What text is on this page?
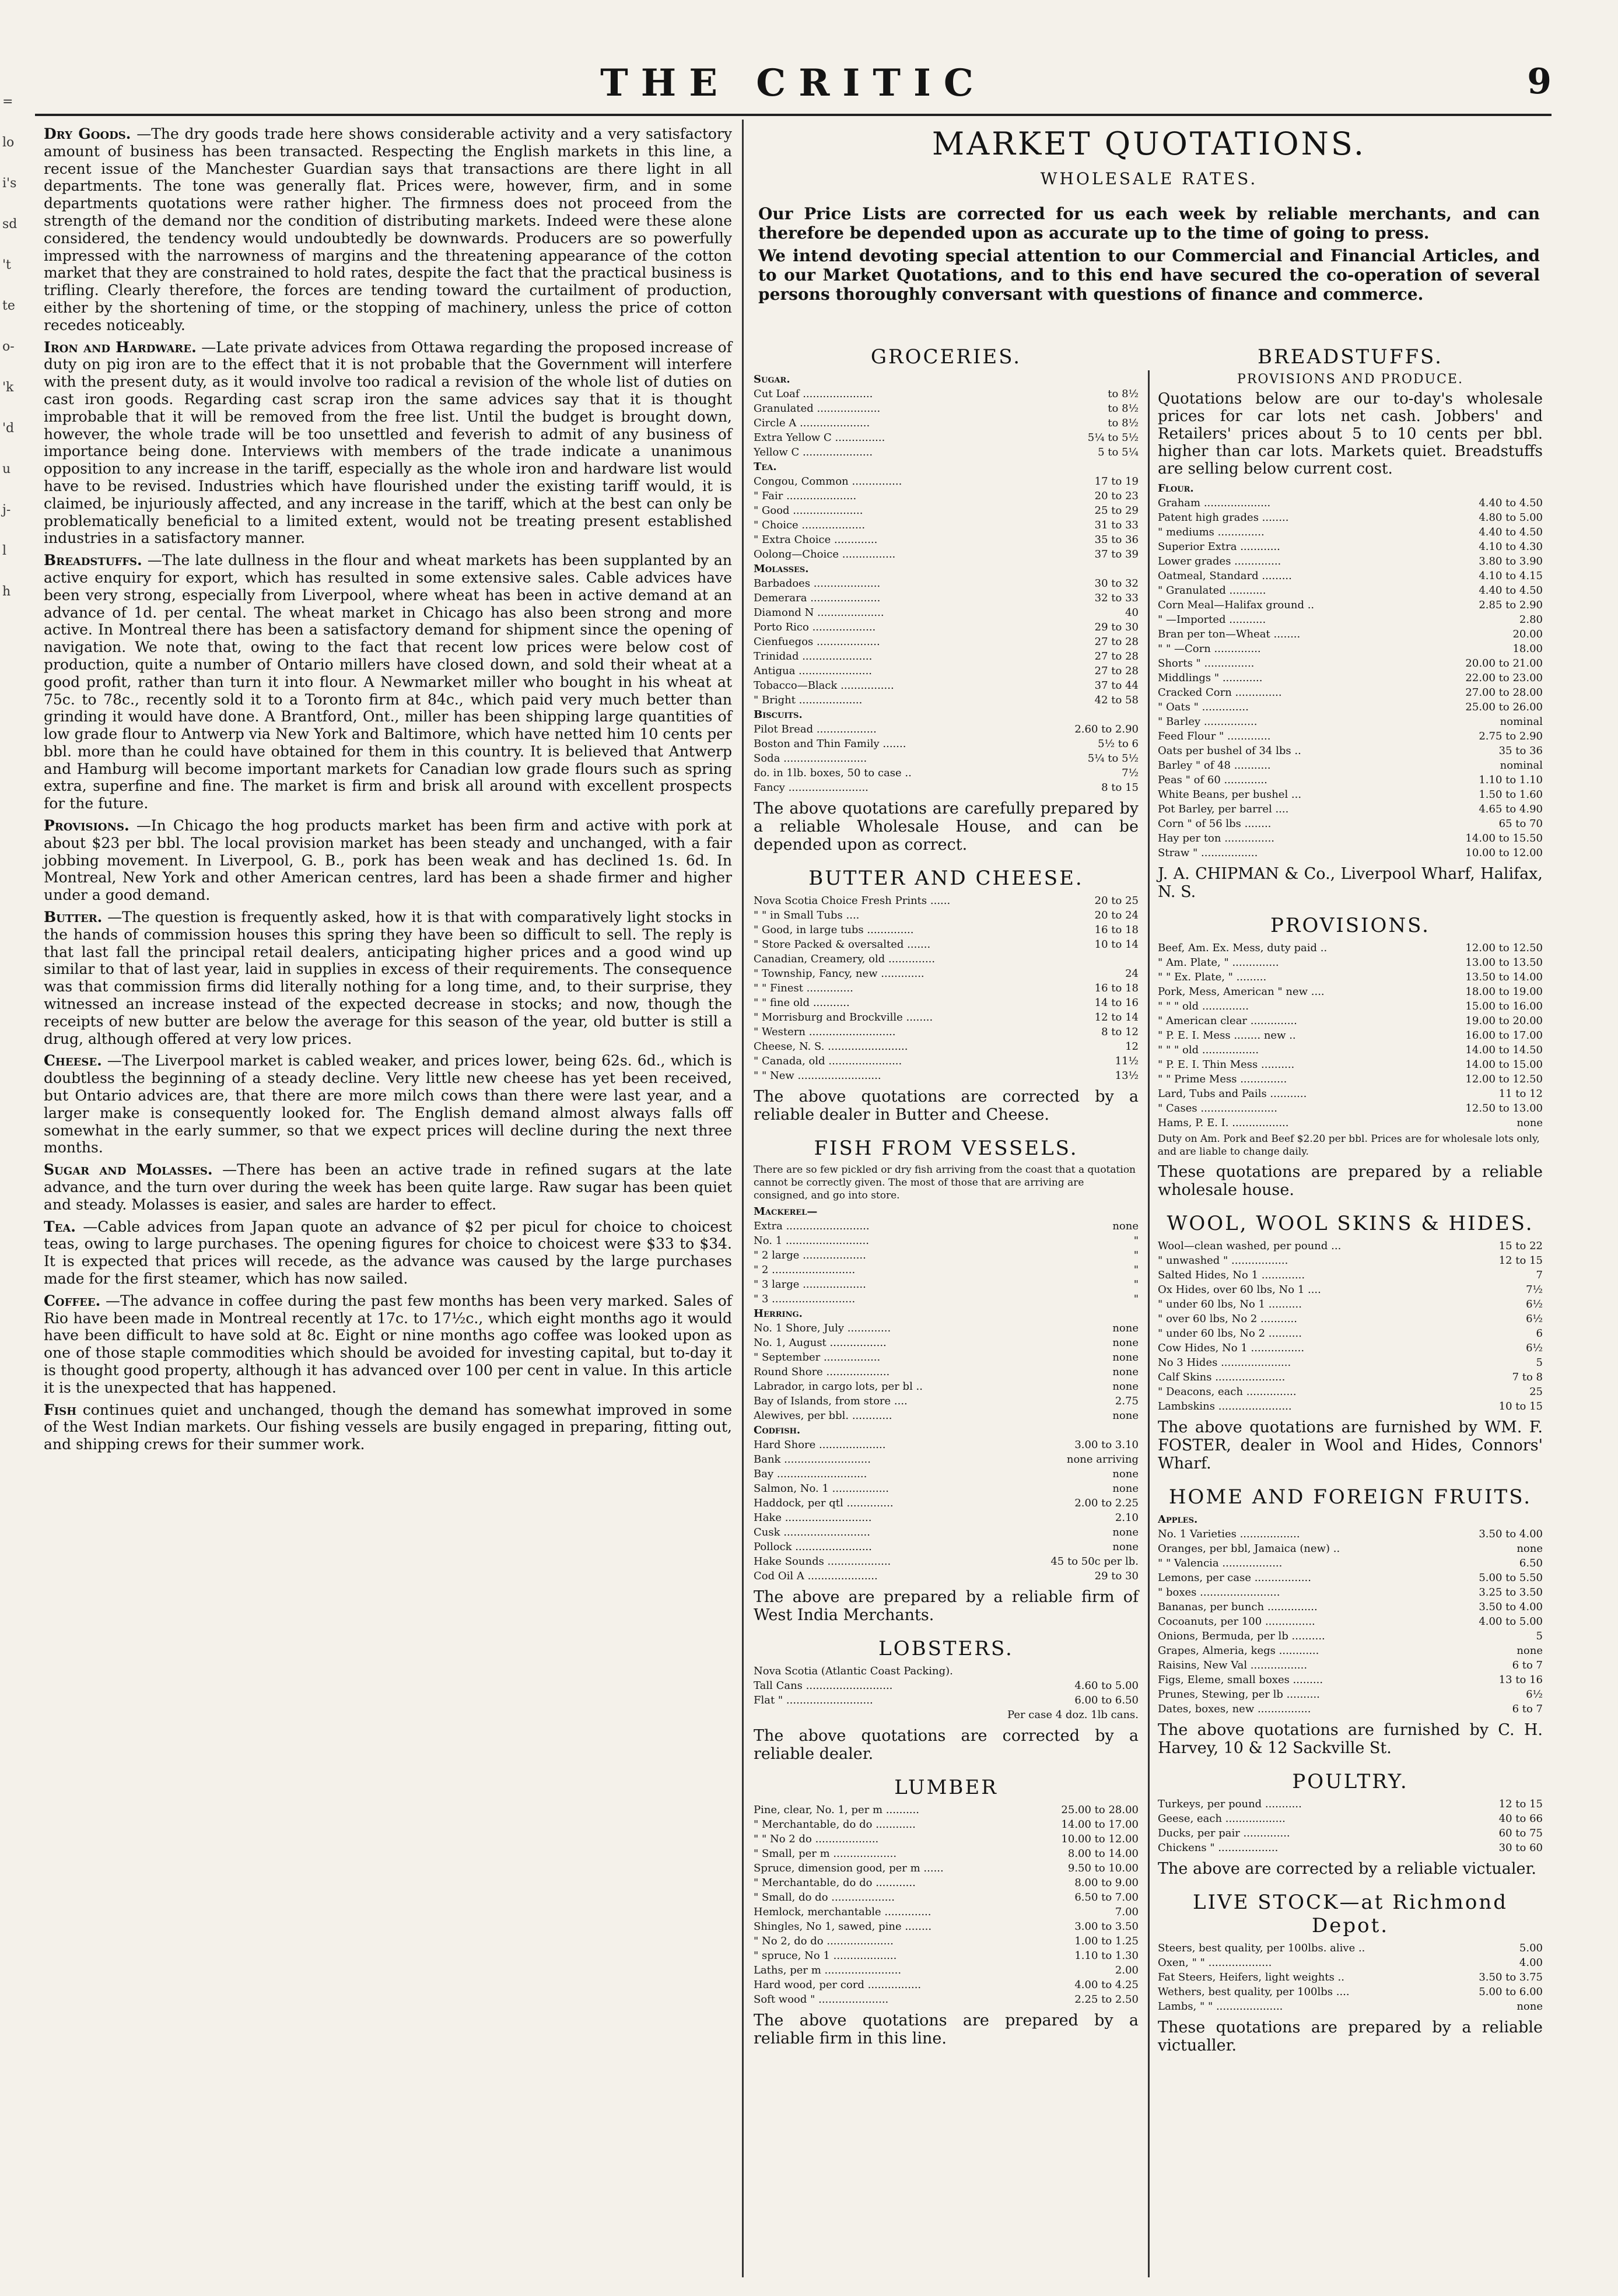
=
lo
i's
sd
't
te
o-
'k
'd
u
j-
l
h
THE CRITIC	9

Dry Goods. —The dry goods trade here shows considerable activity and a very satisfactory amount of business has been transacted. Respecting the English markets in this line, a recent issue of the Manchester Guardian says that transactions are there light in all departments. The tone was generally flat. Prices were, however, firm, and in some departments quotations were rather higher. The firmness does not proceed from the strength of the demand nor the condition of distributing markets. Indeed were these alone considered, the tendency would undoubtedly be downwards. Producers are so powerfully impressed with the narrowness of margins and the threatening appearance of the cotton market that they are constrained to hold rates, despite the fact that the practical business is trifling. Clearly therefore, the forces are tending toward the curtailment of production, either by the shortening of time, or the stopping of machinery, unless the price of cotton recedes noticeably.

Iron and Hardware. —Late private advices from Ottawa regarding the proposed increase of duty on pig iron are to the effect that it is not probable that the Government will interfere with the present duty, as it would involve too radical a revision of the whole list of duties on cast iron goods. Regarding cast scrap iron the same advices say that it is thought improbable that it will be removed from the free list. Until the budget is brought down, however, the whole trade will be too unsettled and feverish to admit of any business of importance being done. Interviews with members of the trade indicate a unanimous opposition to any increase in the tariff, especially as the whole iron and hardware list would have to be revised. Industries which have flourished under the existing tariff would, it is claimed, be injuriously affected, and any increase in the tariff, which at the best can only be problematically beneficial to a limited extent, would not be treating present established industries in a satisfactory manner.

Breadstuffs. —The late dullness in the flour and wheat markets has been supplanted by an active enquiry for export, which has resulted in some extensive sales. Cable advices have been very strong, especially from Liverpool, where wheat has been in active demand at an advance of 1d. per cental. The wheat market in Chicago has also been strong and more active. In Montreal there has been a satisfactory demand for shipment since the opening of navigation. We note that, owing to the fact that recent low prices were below cost of production, quite a number of Ontario millers have closed down, and sold their wheat at a good profit, rather than turn it into flour. A Newmarket miller who bought in his wheat at 75c. to 78c., recently sold it to a Toronto firm at 84c., which paid very much better than grinding it would have done. A Brantford, Ont., miller has been shipping large quantities of low grade flour to Antwerp via New York and Baltimore, which have netted him 10 cents per bbl. more than he could have obtained for them in this country. It is believed that Antwerp and Hamburg will become important markets for Canadian low grade flours such as spring extra, superfine and fine. The market is firm and brisk all around with excellent prospects for the future.

Provisions. —In Chicago the hog products market has been firm and active with pork at about $23 per bbl. The local provision market has been steady and unchanged, with a fair jobbing movement. In Liverpool, G. B., pork has been weak and has declined 1s. 6d. In Montreal, New York and other American centres, lard has been a shade firmer and higher under a good demand.

Butter. —The question is frequently asked, how it is that with comparatively light stocks in the hands of commission houses this spring they have been so difficult to sell. The reply is that last fall the principal retail dealers, anticipating higher prices and a good wind up similar to that of last year, laid in supplies in excess of their requirements. The consequence was that commission firms did literally nothing for a long time, and, to their surprise, they witnessed an increase instead of the expected decrease in stocks; and now, though the receipts of new butter are below the average for this season of the year, old butter is still a drug, although offered at very low prices.

Cheese. —The Liverpool market is cabled weaker, and prices lower, being 62s. 6d., which is doubtless the beginning of a steady decline. Very little new cheese has yet been received, but Ontario advices are, that there are more milch cows than there were last year, and a larger make is consequently looked for. The English demand almost always falls off somewhat in the early summer, so that we expect prices will decline during the next three months.

Sugar and Molasses. —There has been an active trade in refined sugars at the late advance, and the turn over during the week has been quite large. Raw sugar has been quiet and steady. Molasses is easier, and sales are harder to effect.

Tea. —Cable advices from Japan quote an advance of $2 per picul for choice to choicest teas, owing to large purchases. The opening figures for choice to choicest were $33 to $34. It is expected that prices will recede, as the advance was caused by the large purchases made for the first steamer, which has now sailed.

Coffee. —The advance in coffee during the past few months has been very marked. Sales of Rio have been made in Montreal recently at 17c. to 17½c., which eight months ago it would have been difficult to have sold at 8c. Eight or nine months ago coffee was looked upon as one of those staple commodities which should be avoided for investing capital, but to-day it is thought good property, although it has advanced over 100 per cent in value. In this article it is the unexpected that has happened.

Fish continues quiet and unchanged, though the demand has somewhat improved in some of the West Indian markets. Our fishing vessels are busily engaged in preparing, fitting out, and shipping crews for their summer work.

MARKET QUOTATIONS.
WHOLESALE RATES.

Our Price Lists are corrected for us each week by reliable merchants, and can therefore be depended upon as accurate up to the time of going to press.

We intend devoting special attention to our Commercial and Financial Articles, and to our Market Quotations, and to this end have secured the co-operation of several persons thoroughly conversant with questions of finance and commerce.

GROCERIES.
Sugar.
Cut Loaf .....................	to 8½
Granulated ...................	to 8½
Circle A .....................	to 8½
Extra Yellow C ...............	5¼ to 5½
Yellow C .....................	5 to 5¼
Tea.
Congou, Common ...............	17 to 19
" Fair .....................	20 to 23
" Good .....................	25 to 29
" Choice ...................	31 to 33
" Extra Choice .............	35 to 36
Oolong—Choice ................	37 to 39
Molasses.
Barbadoes ....................	30 to 32
Demerara .....................	32 to 33
Diamond N ....................	40
Porto Rico ...................	29 to 30
Cienfuegos ...................	27 to 28
Trinidad .....................	27 to 28
Antigua ......................	27 to 28
Tobacco—Black ................	37 to 44
" Bright ...................	42 to 58
Biscuits.
Pilot Bread ..................	2.60 to 2.90
Boston and Thin Family .......	5½ to 6
Soda .........................	5¼ to 5½
do. in 1lb. boxes, 50 to case ..	7½
Fancy ........................	8 to 15
The above quotations are carefully prepared by a reliable Wholesale House, and can be depended upon as correct.
BUTTER AND CHEESE.
Nova Scotia Choice Fresh Prints ......	20 to 25
" " in Small Tubs ....	20 to 24
" Good, in large tubs ..............	16 to 18
" Store Packed & oversalted .......	10 to 14
Canadian, Creamery, old ..............
" Township, Fancy, new .............	24
" " Finest ..............	16 to 18
" " fine old ...........	14 to 16
" Morrisburg and Brockville ........	12 to 14
" Western ..........................	8 to 12
Cheese, N. S. ........................	12
" Canada, old ......................	11½
" " New .........................	13½
The above quotations are corrected by a reliable dealer in Butter and Cheese.
FISH FROM VESSELS.
There are so few pickled or dry fish arriving from the coast that a quotation cannot be correctly given. The most of those that are arriving are consigned, and go into store.
Mackerel—
Extra .........................	none
No. 1 .........................	"
" 2 large ...................	"
" 2 .........................	"
" 3 large ...................	"
" 3 .........................	"
Herring.
No. 1 Shore, July .............	none
No. 1, August .................	none
" September .................	none
Round Shore ...................	none
Labrador, in cargo lots, per bl ..	none
Bay of Islands, from store ....	2.75
Alewives, per bbl. ............	none
Codfish.
Hard Shore ....................	3.00 to 3.10
Bank ..........................	none arriving
Bay ...........................	none
Salmon, No. 1 .................	none
Haddock, per qtl ..............	2.00 to 2.25
Hake ..........................	2.10
Cusk ..........................	none
Pollock .......................	none
Hake Sounds ...................	45 to 50c per lb.
Cod Oil A .....................	29 to 30
The above are prepared by a reliable firm of West India Merchants.
LOBSTERS.
Nova Scotia (Atlantic Coast Packing).
Tall Cans ..........................	4.60 to 5.00
Flat " ..........................	6.00 to 6.50
Per case 4 doz. 1lb cans.
The above quotations are corrected by a reliable dealer.
LUMBER
Pine, clear, No. 1, per m ..........	25.00 to 28.00
" Merchantable, do do ............	14.00 to 17.00
" " No 2 do ...................	10.00 to 12.00
" Small, per m ...................	8.00 to 14.00
Spruce, dimension good, per m ......	9.50 to 10.00
" Merchantable, do do ............	8.00 to 9.00
" Small, do do ...................	6.50 to 7.00
Hemlock, merchantable ..............	7.00
Shingles, No 1, sawed, pine ........	3.00 to 3.50
" No 2, do do ....................	1.00 to 1.25
" spruce, No 1 ...................	1.10 to 1.30
Laths, per m .......................	2.00
Hard wood, per cord ................	4.00 to 4.25
Soft wood " .....................	2.25 to 2.50
The above quotations are prepared by a reliable firm in this line.
BREADSTUFFS.
PROVISIONS AND PRODUCE.
Quotations below are our to-day's wholesale prices for car lots net cash. Jobbers' and Retailers' prices about 5 to 10 cents per bbl. higher than car lots. Markets quiet. Breadstuffs are selling below current cost.
Flour.
Graham ....................	4.40 to 4.50
Patent high grades ........	4.80 to 5.00
" mediums ..............	4.40 to 4.50
Superior Extra ............	4.10 to 4.30
Lower grades ..............	3.80 to 3.90
Oatmeal, Standard .........	4.10 to 4.15
" Granulated ...........	4.40 to 4.50
Corn Meal—Halifax ground ..	2.85 to 2.90
" —Imported ...........	2.80
Bran per ton—Wheat ........	20.00
" " —Corn ..............	18.00
Shorts " ...............	20.00 to 21.00
Middlings " ............	22.00 to 23.00
Cracked Corn ..............	27.00 to 28.00
" Oats " ..............	25.00 to 26.00
" Barley ................	nominal
Feed Flour " .............	2.75 to 2.90
Oats per bushel of 34 lbs ..	35 to 36
Barley " of 48 ...........	nominal
Peas " of 60 .............	1.10 to 1.10
White Beans, per bushel ...	1.50 to 1.60
Pot Barley, per barrel ....	4.65 to 4.90
Corn " of 56 lbs ........	65 to 70
Hay per ton ...............	14.00 to 15.50
Straw " .................	10.00 to 12.00
J. A. CHIPMAN & Co., Liverpool Wharf, Halifax, N. S.
PROVISIONS.
Beef, Am. Ex. Mess, duty paid ..	12.00 to 12.50
" Am. Plate, " ..............	13.00 to 13.50
" " Ex. Plate, " .........	13.50 to 14.00
Pork, Mess, American " new ....	18.00 to 19.00
" " " old ..............	15.00 to 16.00
" American clear ..............	19.00 to 20.00
" P. E. I. Mess ........ new ..	16.00 to 17.00
" " " old .................	14.00 to 14.50
" P. E. I. Thin Mess ..........	14.00 to 15.00
" " Prime Mess ..............	12.00 to 12.50
Lard, Tubs and Pails ...........	11 to 12
" Cases .......................	12.50 to 13.00
Hams, P. E. I. .................	none
Duty on Am. Pork and Beef $2.20 per bbl. Prices are for wholesale lots only, and are liable to change daily.
These quotations are prepared by a reliable wholesale house.
WOOL, WOOL SKINS & HIDES.
Wool—clean washed, per pound ...	15 to 22
" unwashed " .................	12 to 15
Salted Hides, No 1 .............	7
Ox Hides, over 60 lbs, No 1 ....	7½
" under 60 lbs, No 1 ..........	6½
" over 60 lbs, No 2 ...........	6½
" under 60 lbs, No 2 ..........	6
Cow Hides, No 1 ................	6½
No 3 Hides .....................	5
Calf Skins .....................	7 to 8
" Deacons, each ...............	25
Lambskins ......................	10 to 15
The above quotations are furnished by WM. F. FOSTER, dealer in Wool and Hides, Connors' Wharf.
HOME AND FOREIGN FRUITS.
Apples.
No. 1 Varieties ..................	3.50 to 4.00
Oranges, per bbl, Jamaica (new) ..	none
" " Valencia ..................	6.50
Lemons, per case .................	5.00 to 5.50
" boxes ........................	3.25 to 3.50
Bananas, per bunch ...............	3.50 to 4.00
Cocoanuts, per 100 ...............	4.00 to 5.00
Onions, Bermuda, per lb ..........	5
Grapes, Almeria, kegs ............	none
Raisins, New Val .................	6 to 7
Figs, Eleme, small boxes .........	13 to 16
Prunes, Stewing, per lb ..........	6½
Dates, boxes, new ................	6 to 7
The above quotations are furnished by C. H. Harvey, 10 & 12 Sackville St.
POULTRY.
Turkeys, per pound ...........	12 to 15
Geese, each ..................	40 to 66
Ducks, per pair ..............	60 to 75
Chickens " ..................	30 to 60
The above are corrected by a reliable victualer.
LIVE STOCK—at Richmond Depot.
Steers, best quality, per 100lbs. alive ..	5.00
Oxen, " " ...................	4.00
Fat Steers, Heifers, light weights ..	3.50 to 3.75
Wethers, best quality, per 100lbs ....	5.00 to 6.00
Lambs, " " ....................	none
These quotations are prepared by a reliable victualler.
